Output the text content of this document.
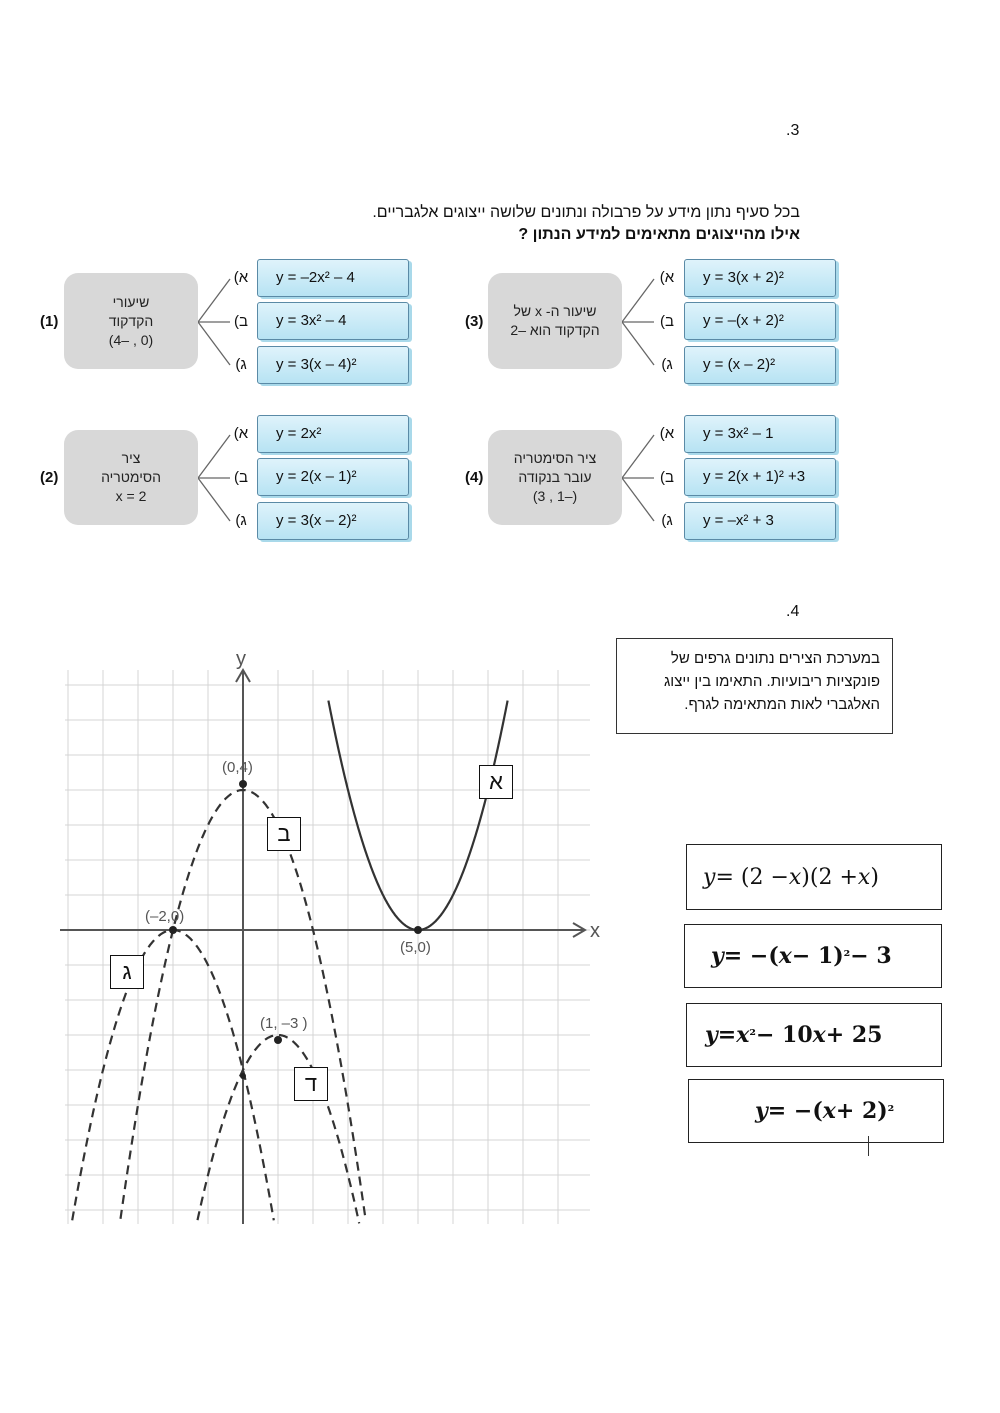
.3
בכל סעיף נתון מידע על פרבולה ונתונים שלושה ייצוגים אלגבריים.
אילו מהייצוגים מתאימים למידע הנתון ?
(1)
שיעורי
הקדקוד
(0 , –4)
א)
ב)
ג)
y = –2x² – 4
y = 3x² – 4
y = 3(x – 4)²
(2)
ציר
הסימטריה
x = 2
א)
ב)
ג)
y = 2x²
y = 2(x – 1)²
y = 3(x – 2)²
(3)
שיעור ה- x של
הקדקוד הוא –2
א)
ב)
ג)
y = 3(x + 2)²
y = –(x + 2)²
y = (x – 2)²
(4)
ציר הסימטריה
עובר בנקודה
(–1 , 3)
א)
ב)
ג)
y = 3x² – 1
y = 2(x + 1)² +3
y = –x² + 3
.4
במערכת הצירים נתונים גרפים של פונקציות ריבועיות. התאימו בין ייצוג האלגברי לאות המתאימה לגרף.
x
y
(0,4)
(–2,0)
(5,0)
(1, –3 )
א
ב
ג
ד
y = (2 − x )(2 + x )
y = −( x − 1) ² − 3
y = x ² − 10 x + 25
y = −( x + 2) ²
